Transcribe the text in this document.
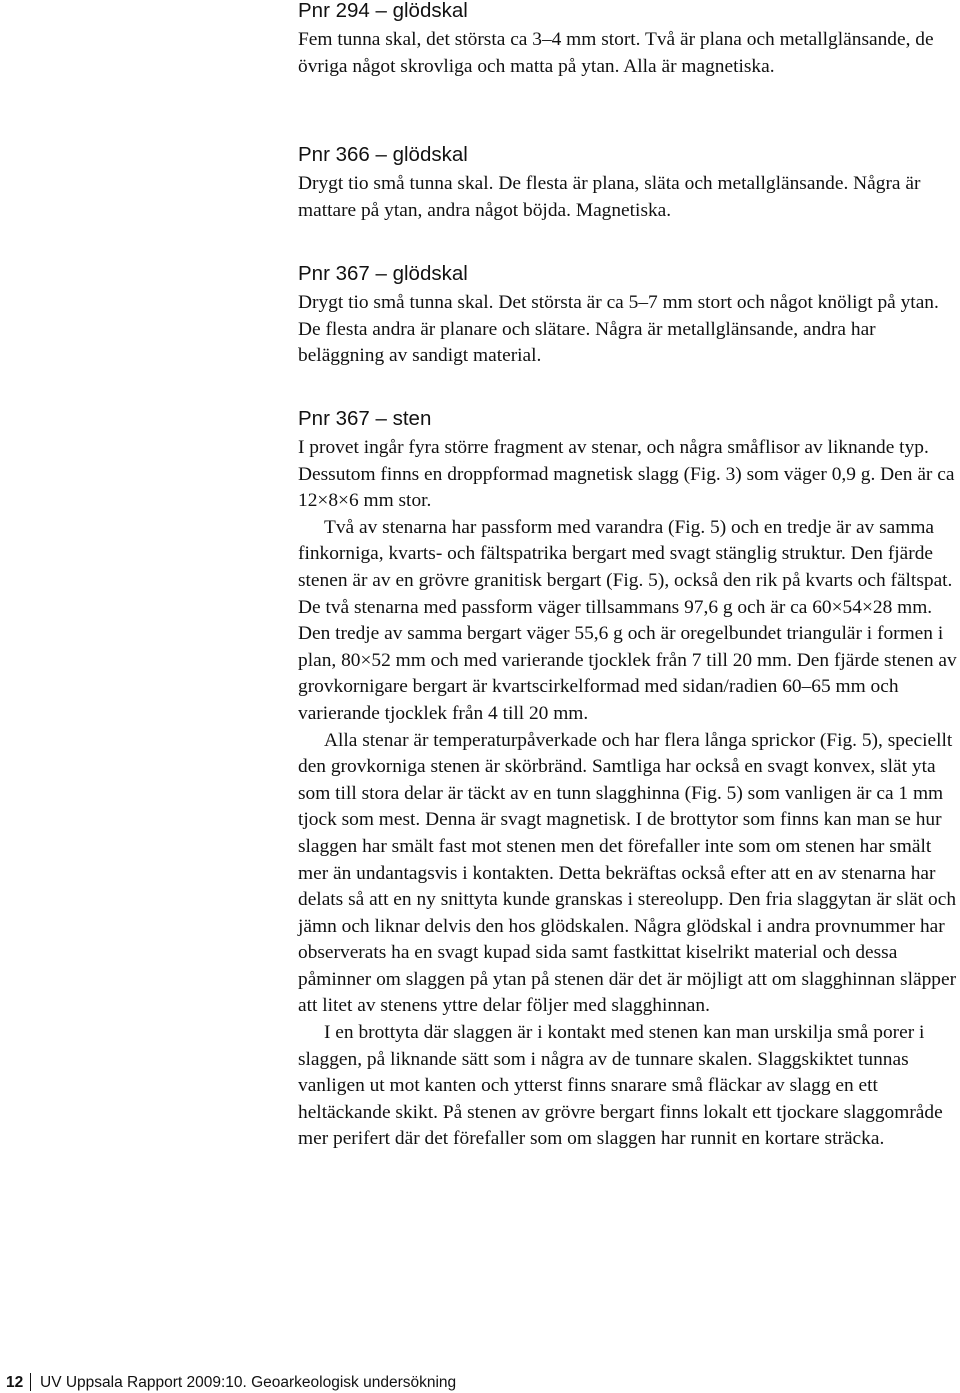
Pnr 294 – glödskal

Fem tunna skal, det största ca 3–4 mm stort. Två är plana och metallglänsande, de övriga något skrovliga och matta på ytan. Alla är magnetiska.

Pnr 366 – glödskal

Drygt tio små tunna skal. De flesta är plana, släta och metallglänsande. Några är mattare på ytan, andra något böjda. Magnetiska.

Pnr 367 – glödskal

Drygt tio små tunna skal. Det största är ca 5–7 mm stort och något knöligt på ytan. De flesta andra är planare och slätare. Några är metallglänsande, andra har beläggning av sandigt material.

Pnr 367 – sten

I provet ingår fyra större fragment av stenar, och några småflisor av liknande typ. Dessutom finns en droppformad magnetisk slagg (Fig. 3) som väger 0,9 g. Den är ca 12×8×6 mm stor.

Två av stenarna har passform med varandra (Fig. 5) och en tredje är av samma finkorniga, kvarts- och fältspatrika bergart med svagt stänglig struktur. Den fjärde stenen är av en grövre granitisk bergart (Fig. 5), också den rik på kvarts och fältspat. De två stenarna med passform väger tillsammans 97,6 g och är ca 60×54×28 mm. Den tredje av samma bergart väger 55,6 g och är oregelbundet triangulär i formen i plan, 80×52 mm och med varierande tjocklek från 7 till 20 mm. Den fjärde stenen av grovkornigare bergart är kvartscirkelformad med sidan/radien 60–65 mm och varierande tjocklek från 4 till 20 mm.

Alla stenar är temperaturpåverkade och har flera långa sprickor (Fig. 5), speciellt den grovkorniga stenen är skörbränd. Samtliga har också en svagt konvex, slät yta som till stora delar är täckt av en tunn slagghinna (Fig. 5) som vanligen är ca 1 mm tjock som mest. Denna är svagt magnetisk. I de brottytor som finns kan man se hur slaggen har smält fast mot stenen men det förefaller inte som om stenen har smält mer än undantagsvis i kontakten. Detta bekräftas också efter att en av stenarna har delats så att en ny snittyta kunde granskas i stereolupp. Den fria slaggytan är slät och jämn och liknar delvis den hos glödskalen. Några glödskal i andra provnummer har observerats ha en svagt kupad sida samt fastkittat kiselrikt material och dessa påminner om slaggen på ytan på stenen där det är möjligt att om slagghinnan släpper att litet av stenens yttre delar följer med slagghinnan.

I en brottyta där slaggen är i kontakt med stenen kan man urskilja små porer i slaggen, på liknande sätt som i några av de tunnare skalen. Slaggskiktet tunnas vanligen ut mot kanten och ytterst finns snarare små fläckar av slagg en ett heltäckande skikt. På stenen av grövre bergart finns lokalt ett tjockare slaggområde mer perifert där det förefaller som om slaggen har runnit en kortare sträcka.

12 UV Uppsala Rapport 2009:10. Geoarkeologisk undersökning
